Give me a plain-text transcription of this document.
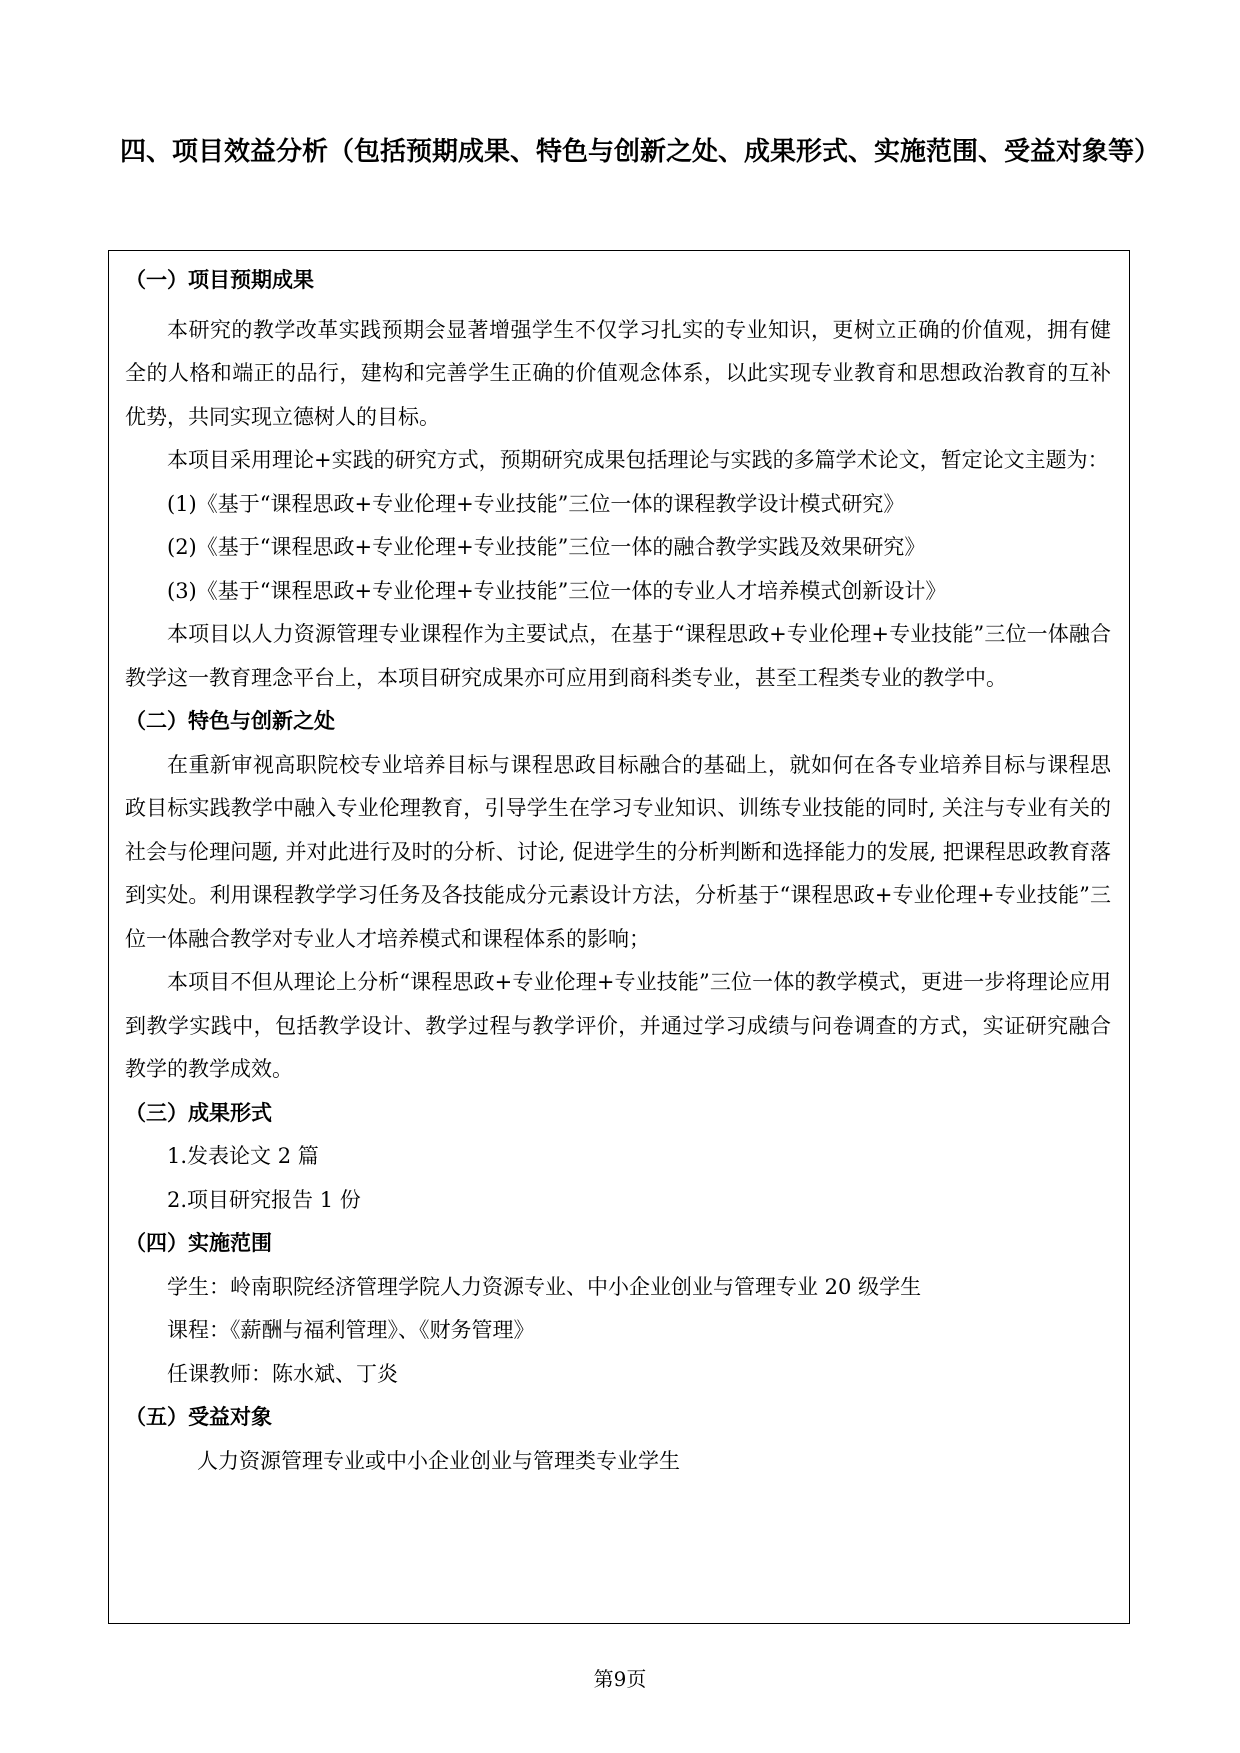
四、项目效益分析（包括预期成果、特色与创新之处、成果形式、实施范围、受益对象等）
（一）项目预期成果
本研究的教学改革实践预期会显著增强学生不仅学习扎实的专业知识，更树立正确的价值观，拥有健全的人格和端正的品行，建构和完善学生正确的价值观念体系，以此实现专业教育和思想政治教育的互补优势，共同实现立德树人的目标。
本项目采用理论+实践的研究方式，预期研究成果包括理论与实践的多篇学术论文，暂定论文主题为：
(1)《基于“课程思政+专业伦理+专业技能”三位一体的课程教学设计模式研究》
(2)《基于“课程思政+专业伦理+专业技能”三位一体的融合教学实践及效果研究》
(3)《基于“课程思政+专业伦理+专业技能”三位一体的专业人才培养模式创新设计》
本项目以人力资源管理专业课程作为主要试点，在基于“课程思政+专业伦理+专业技能”三位一体融合教学这一教育理念平台上，本项目研究成果亦可应用到商科类专业，甚至工程类专业的教学中。
（二）特色与创新之处
在重新审视高职院校专业培养目标与课程思政目标融合的基础上，就如何在各专业培养目标与课程思政目标实践教学中融入专业伦理教育，引导学生在学习专业知识、训练专业技能的同时, 关注与专业有关的社会与伦理问题, 并对此进行及时的分析、讨论, 促进学生的分析判断和选择能力的发展, 把课程思政教育落到实处。利用课程教学学习任务及各技能成分元素设计方法，分析基于“课程思政+专业伦理+专业技能”三位一体融合教学对专业人才培养模式和课程体系的影响；
本项目不但从理论上分析“课程思政+专业伦理+专业技能”三位一体的教学模式，更进一步将理论应用到教学实践中，包括教学设计、教学过程与教学评价，并通过学习成绩与问卷调查的方式，实证研究融合教学的教学成效。
（三）成果形式
1.发表论文 2 篇
2.项目研究报告 1 份
（四）实施范围
学生：岭南职院经济管理学院人力资源专业、中小企业创业与管理专业 20 级学生
课程：《薪酬与福利管理》、《财务管理》
任课教师：陈水斌、丁炎
（五）受益对象
人力资源管理专业或中小企业创业与管理类专业学生
第9页
